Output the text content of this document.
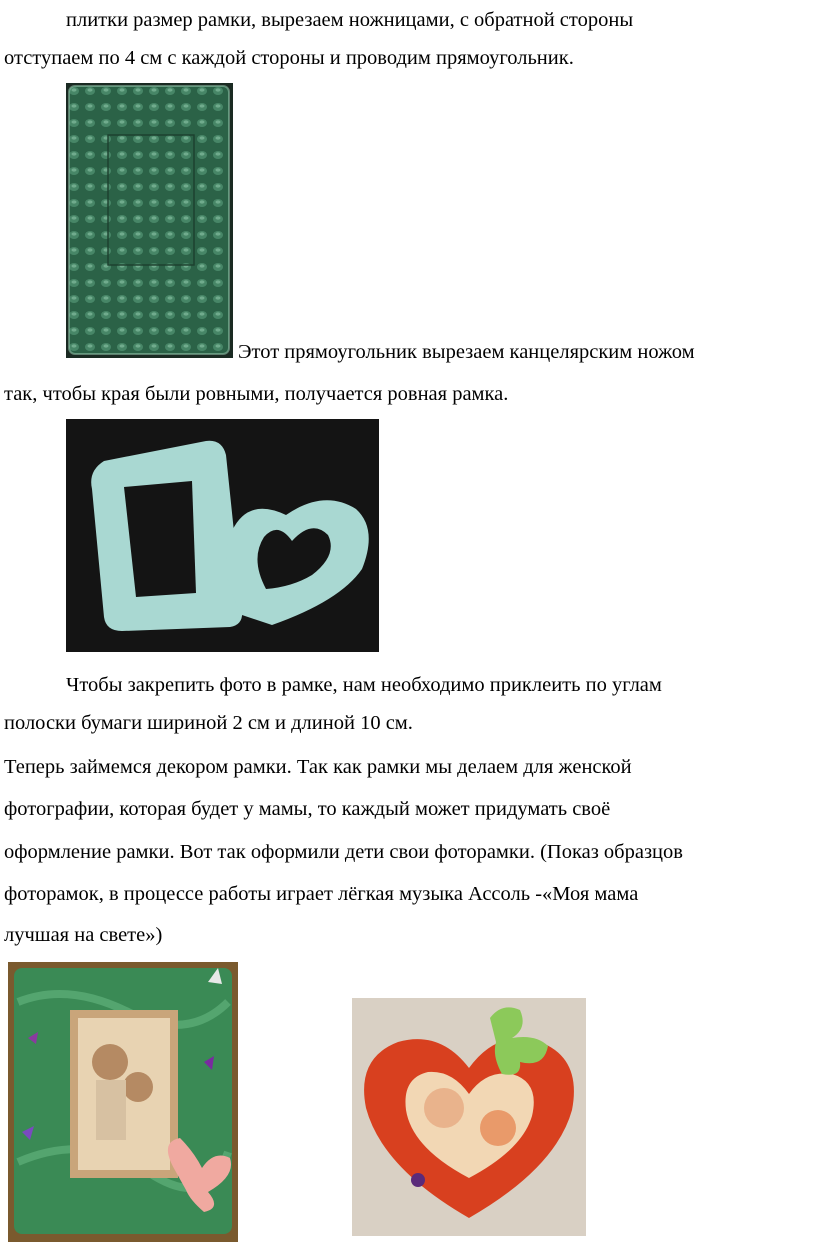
плитки размер рамки, вырезаем ножницами, с обратной стороны
отступаем по 4 см с каждой стороны и проводим прямоугольник.
Этот прямоугольник вырезаем канцелярским ножом
так, чтобы края были ровными, получается ровная рамка.
Чтобы закрепить фото в рамке, нам необходимо приклеить по углам
полоски бумаги шириной 2 см и длиной 10 см.
Теперь займемся декором рамки. Так как рамки мы делаем для женской
фотографии, которая будет у мамы, то каждый может придумать своё
оформление рамки. Вот так оформили дети свои фоторамки. (Показ образцов
фоторамок, в процессе работы играет лёгкая музыка Ассоль -«Моя мама
лучшая на свете»)
